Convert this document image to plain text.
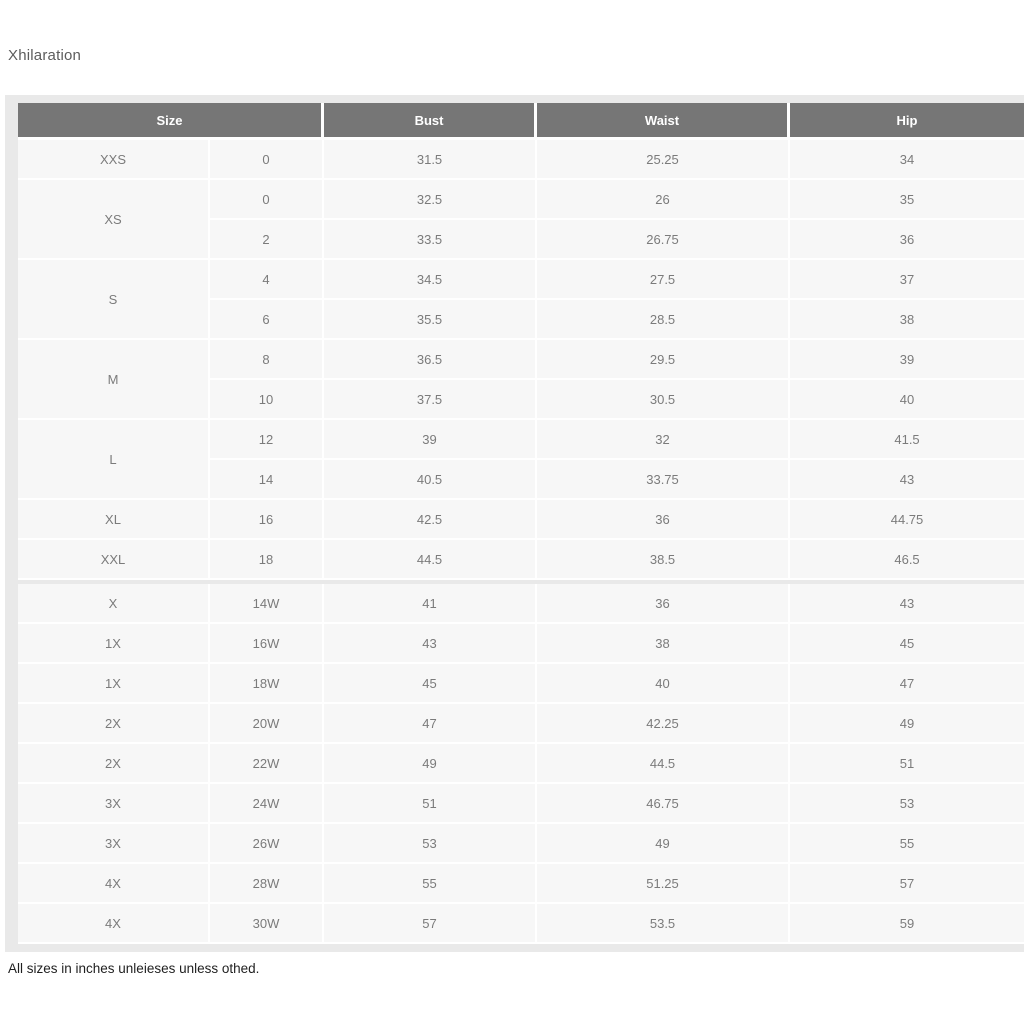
Xhilaration
Size		Bust	Waist	Hip
XXS	0	31.5	25.25	34
XS	0	32.5	26	35
	2	33.5	26.75	36
S	4	34.5	27.5	37
	6	35.5	28.5	38
M	8	36.5	29.5	39
	10	37.5	30.5	40
L	12	39	32	41.5
	14	40.5	33.75	43
XL	16	42.5	36	44.75
XXL	18	44.5	38.5	46.5

X	14W	41	36	43
1X	16W	43	38	45
1X	18W	45	40	47
2X	20W	47	42.25	49
2X	22W	49	44.5	51
3X	24W	51	46.75	53
3X	26W	53	49	55
4X	28W	55	51.25	57
4X	30W	57	53.5	59
All sizes in inches unleieses unless othed.
